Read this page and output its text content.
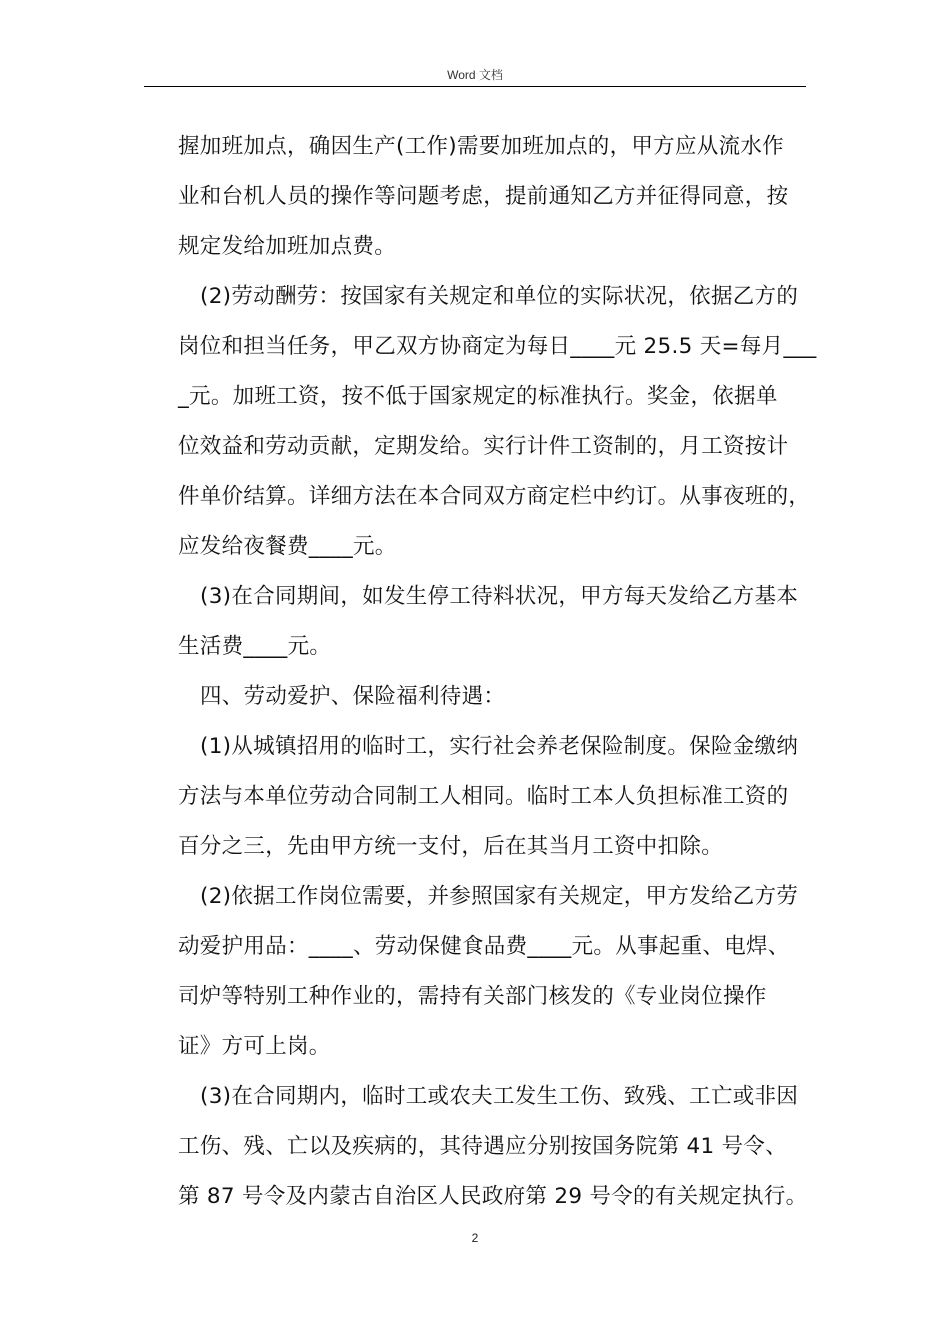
Word 文档
握加班加点，确因生产(工作)需要加班加点的，甲方应从流水作
业和台机人员的操作等问题考虑，提前通知乙方并征得同意，按
规定发给加班加点费。
(2)劳动酬劳：按国家有关规定和单位的实际状况，依据乙方的
岗位和担当任务，甲乙双方协商定为每日____元 25.5 天=每月___
_元。加班工资，按不低于国家规定的标准执行。奖金，依据单
位效益和劳动贡献，定期发给。实行计件工资制的，月工资按计
件单价结算。详细方法在本合同双方商定栏中约订。从事夜班的，
应发给夜餐费____元。
(3)在合同期间，如发生停工待料状况，甲方每天发给乙方基本
生活费____元。
四、劳动爱护、保险福利待遇：
(1)从城镇招用的临时工，实行社会养老保险制度。保险金缴纳
方法与本单位劳动合同制工人相同。临时工本人负担标准工资的
百分之三，先由甲方统一支付，后在其当月工资中扣除。
(2)依据工作岗位需要，并参照国家有关规定，甲方发给乙方劳
动爱护用品：____、劳动保健食品费____元。从事起重、电焊、
司炉等特别工种作业的，需持有关部门核发的《专业岗位操作
证》方可上岗。
(3)在合同期内，临时工或农夫工发生工伤、致残、工亡或非因
工伤、残、亡以及疾病的，其待遇应分别按国务院第 41 号令、
第 87 号令及内蒙古自治区人民政府第 29 号令的有关规定执行。
2
